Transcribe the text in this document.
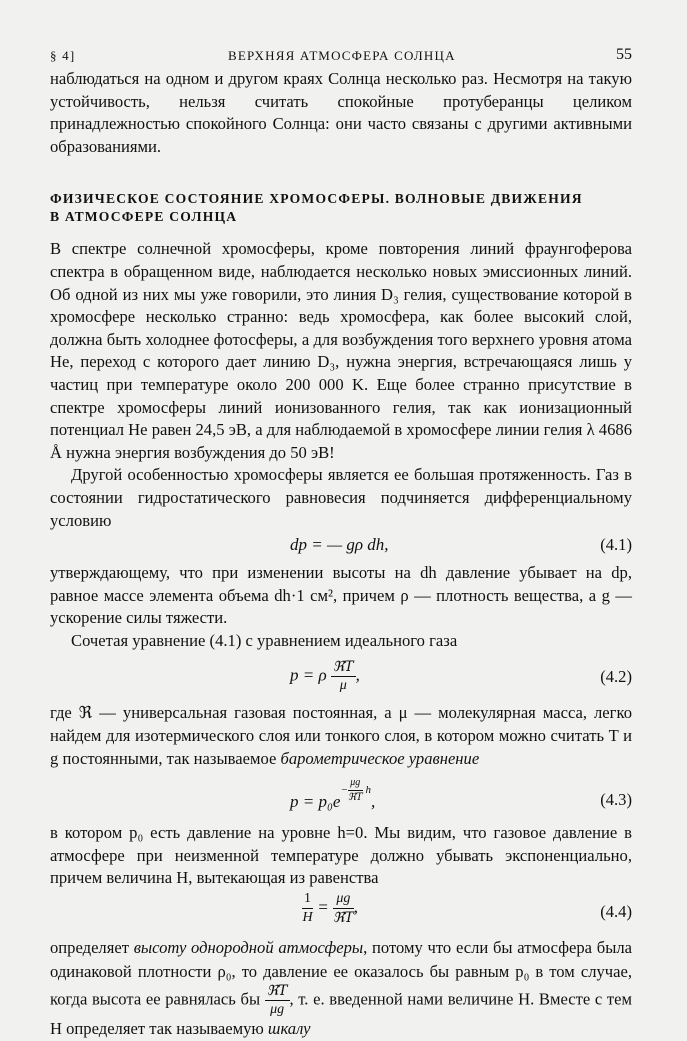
§ 4]	ВЕРХНЯЯ АТМОСФЕРА СОЛНЦА	55

наблюдаться на одном и другом краях Солнца несколько раз. Несмотря на такую устойчивость, нельзя считать спокойные протуберанцы целиком принадлежностью спокойного Солнца: они часто связаны с другими активными образованиями.

ФИЗИЧЕСКОЕ СОСТОЯНИЕ ХРОМОСФЕРЫ. ВОЛНОВЫЕ ДВИЖЕНИЯ
В АТМОСФЕРЕ СОЛНЦА

В спектре солнечной хромосферы, кроме повторения линий фраунгоферова спектра в обращенном виде, наблюдается несколько новых эмиссионных линий. Об одной из них мы уже говорили, это линия D₃ гелия, существование которой в хромосфере несколько странно: ведь хромосфера, как более высокий слой, должна быть холоднее фотосферы, а для возбуждения того верхнего уровня атома He, переход с которого дает линию D₃, нужна энергия, встречающаяся лишь у частиц при температуре около 200 000 K. Еще более странно присутствие в спектре хромосферы линий ионизованного гелия, так как ионизационный потенциал He равен 24,5 эВ, а для наблюдаемой в хромосфере линии гелия λ 4686 Å нужна энергия возбуждения до 50 эВ!

Другой особенностью хромосферы является ее большая протяженность. Газ в состоянии гидростатического равновесия подчиняется дифференциальному условию

dp = — gρ dh,	(4.1)

утверждающему, что при изменении высоты на dh давление убывает на dp, равное массе элемента объема dh·1 см², причем ρ — плотность вещества, а g — ускорение силы тяжести.

Сочетая уравнение (4.1) с уравнением идеального газа

p = ρ $\frac{\text{ℜT}}{\mu}$ ,	(4.2)

где ℜ — универсальная газовая постоянная, а μ — молекулярная масса, легко найдем для изотермического слоя или тонкого слоя, в котором можно считать T и g постоянными, так называемое барометрическое уравнение

$p = p_0e^{- \frac{\mu g}{\text{ℜT}} h}$,	(4.3)

в котором p₀ есть давление на уровне h=0. Мы видим, что газовое давление в атмосфере при неизменной температуре должно убывать экспоненциально, причем величина H, вытекающая из равенства

$\frac{1}{H} = \frac{\mu g}{\text{ℜT}}$ ,	(4.4)

определяет высоту однородной атмосферы, потому что если бы атмосфера была одинаковой плотности ρ₀, то давление ее оказалось бы равным p₀ в том случае, когда высота ее равнялась бы $\frac{\text{ℜT}}{\mu g}$ , т. е. введенной нами величине H. Вместе с тем H определяет так называемую шкалу
